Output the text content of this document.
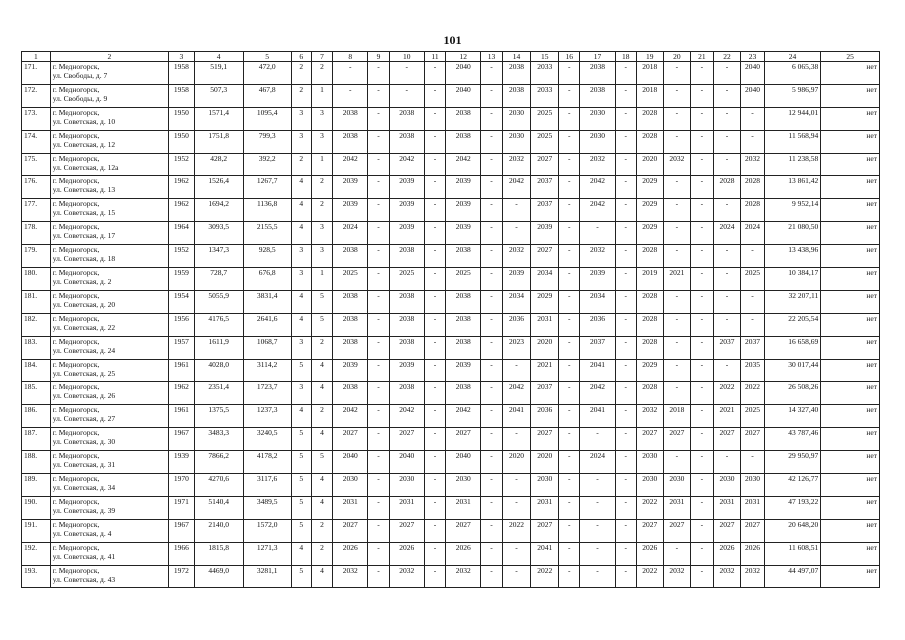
101
1	2	3	4	5	6	7	8	9	10	11	12	13	14	15	16	17	18	19	20	21	22	23	24	25
171.	г. Медногорск,
ул. Свободы, д. 7	1958	519,1	472,0	2	2	-	-	-	-	2040	-	2038	2033	-	2038	-	2018	-	-	-	2040	6 065,38	нет
172.	г. Медногорск,
ул. Свободы, д. 9	1958	507,3	467,8	2	1	-	-	-	-	2040	-	2038	2033	-	2038	-	2018	-	-	-	2040	5 986,97	нет
173.	г. Медногорск,
ул. Советская, д. 10	1950	1571,4	1095,4	3	3	2038	-	2038	-	2038	-	2030	2025	-	2030	-	2028	-	-	-	-	12 944,01	нет
174.	г. Медногорск,
ул. Советская, д. 12	1950	1751,8	799,3	3	3	2038	-	2038	-	2038	-	2030	2025	-	2030	-	2028	-	-	-	-	11 568,94	нет
175.	г. Медногорск,
ул. Советская, д. 12а	1952	428,2	392,2	2	1	2042	-	2042	-	2042	-	2032	2027	-	2032	-	2020	2032	-	-	2032	11 238,58	нет
176.	г. Медногорск,
ул. Советская, д. 13	1962	1526,4	1267,7	4	2	2039	-	2039	-	2039	-	2042	2037	-	2042	-	2029	-	-	2028	2028	13 861,42	нет
177.	г. Медногорск,
ул. Советская, д. 15	1962	1694,2	1136,8	4	2	2039	-	2039	-	2039	-	-	2037	-	2042	-	2029	-	-	-	2028	9 952,14	нет
178.	г. Медногорск,
ул. Советская, д. 17	1964	3093,5	2155,5	4	3	2024	-	2039	-	2039	-	-	2039	-	-	-	2029	-	-	2024	2024	21 080,50	нет
179.	г. Медногорск,
ул. Советская, д. 18	1952	1347,3	928,5	3	3	2038	-	2038	-	2038	-	2032	2027	-	2032	-	2028	-	-	-	-	13 438,96	нет
180.	г. Медногорск,
ул. Советская, д. 2	1959	728,7	676,8	3	1	2025	-	2025	-	2025	-	2039	2034	-	2039	-	2019	2021	-	-	2025	10 384,17	нет
181.	г. Медногорск,
ул. Советская, д. 20	1954	5055,9	3831,4	4	5	2038	-	2038	-	2038	-	2034	2029	-	2034	-	2028	-	-	-	-	32 207,11	нет
182.	г. Медногорск,
ул. Советская, д. 22	1956	4176,5	2641,6	4	5	2038	-	2038	-	2038	-	2036	2031	-	2036	-	2028	-	-	-	-	22 205,54	нет
183.	г. Медногорск,
ул. Советская, д. 24	1957	1611,9	1068,7	3	2	2038	-	2038	-	2038	-	2023	2020	-	2037	-	2028	-	-	2037	2037	16 658,69	нет
184.	г. Медногорск,
ул. Советская, д. 25	1961	4028,0	3114,2	5	4	2039	-	2039	-	2039	-	-	2021	-	2041	-	2029	-	-	-	2035	30 017,44	нет
185.	г. Медногорск,
ул. Советская, д. 26	1962	2351,4	1723,7	3	4	2038	-	2038	-	2038	-	2042	2037	-	2042	-	2028	-	-	2022	2022	26 508,26	нет
186.	г. Медногорск,
ул. Советская, д. 27	1961	1375,5	1237,3	4	2	2042	-	2042	-	2042	-	2041	2036	-	2041	-	2032	2018	-	2021	2025	14 327,40	нет
187.	г. Медногорск,
ул. Советская, д. 30	1967	3483,3	3240,5	5	4	2027	-	2027	-	2027	-	-	2027	-	-	-	2027	2027	-	2027	2027	43 787,46	нет
188.	г. Медногорск,
ул. Советская, д. 31	1939	7866,2	4178,2	5	5	2040	-	2040	-	2040	-	2020	2020	-	2024	-	2030	-	-	-	-	29 950,97	нет
189.	г. Медногорск,
ул. Советская, д. 34	1970	4270,6	3117,6	5	4	2030	-	2030	-	2030	-	-	2030	-	-	-	2030	2030	-	2030	2030	42 126,77	нет
190.	г. Медногорск,
ул. Советская, д. 39	1971	5140,4	3489,5	5	4	2031	-	2031	-	2031	-	-	2031	-	-	-	2022	2031	-	2031	2031	47 193,22	нет
191.	г. Медногорск,
ул. Советская, д. 4	1967	2140,0	1572,0	5	2	2027	-	2027	-	2027	-	2022	2027	-	-	-	2027	2027	-	2027	2027	20 648,20	нет
192.	г. Медногорск,
ул. Советская, д. 41	1966	1815,8	1271,3	4	2	2026	-	2026	-	2026	-	-	2041	-	-	-	2026	-	-	2026	2026	11 608,51	нет
193.	г. Медногорск,
ул. Советская, д. 43	1972	4469,0	3281,1	5	4	2032	-	2032	-	2032	-	-	2022	-	-	-	2022	2032	-	2032	2032	44 497,07	нет
